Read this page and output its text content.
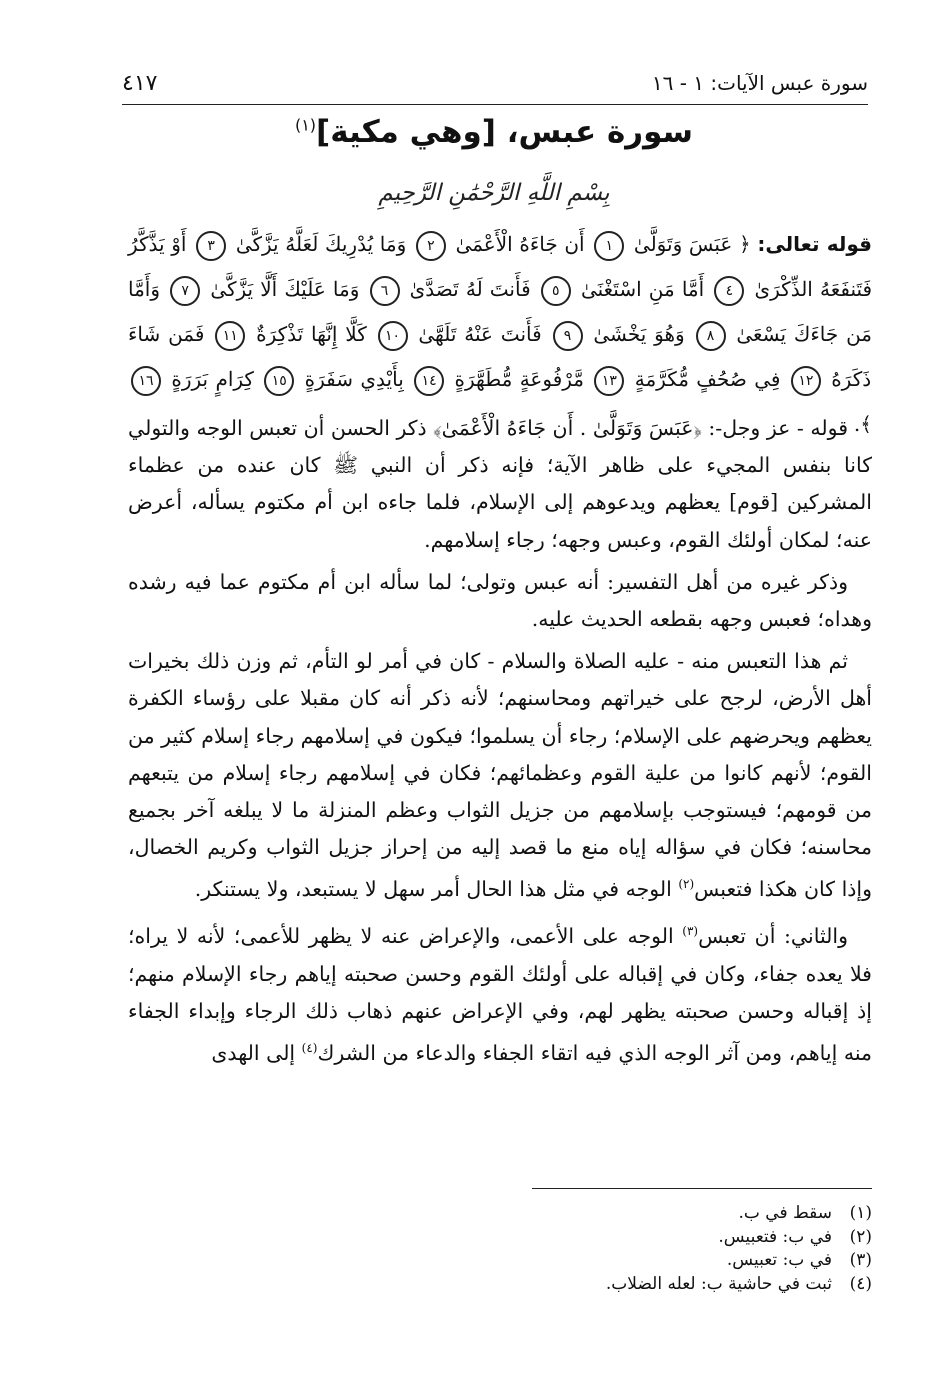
سورة عبس الآيات: ١ - ١٦
٤١٧
سورة عبس، [وهي مكية]$^{(١)}$
بِسْمِ اللَّهِ الرَّحْمَٰنِ الرَّحِيمِ
قوله تعالى: ﴿ عَبَسَ وَتَوَلَّىٰ ١ أَن جَاءَهُ الْأَعْمَىٰ ٢ وَمَا يُدْرِيكَ لَعَلَّهُ يَزَّكَّىٰ ٣ أَوْ يَذَّكَّرُ فَتَنفَعَهُ الذِّكْرَىٰ ٤ أَمَّا مَنِ اسْتَغْنَىٰ ٥ فَأَنتَ لَهُ تَصَدَّىٰ ٦ وَمَا عَلَيْكَ أَلَّا يَزَّكَّىٰ ٧ وَأَمَّا مَن جَاءَكَ يَسْعَىٰ ٨ وَهُوَ يَخْشَىٰ ٩ فَأَنتَ عَنْهُ تَلَهَّىٰ ١٠ كَلَّا إِنَّهَا تَذْكِرَةٌ ١١ فَمَن شَاءَ ذَكَرَهُ ١٢ فِي صُحُفٍ مُّكَرَّمَةٍ ١٣ مَّرْفُوعَةٍ مُّطَهَّرَةٍ ١٤ بِأَيْدِي سَفَرَةٍ ١٥ كِرَامٍ بَرَرَةٍ ١٦ ﴾.

قوله - عز وجل-: ﴿عَبَسَ وَتَوَلَّىٰ . أَن جَاءَهُ الْأَعْمَىٰ﴾ ذكر الحسن أن تعبس الوجه والتولي كانا بنفس المجيء على ظاهر الآية؛ فإنه ذكر أن النبي ﷺ كان عنده من عظماء المشركين [قوم] يعظهم ويدعوهم إلى الإسلام، فلما جاءه ابن أم مكتوم يسأله، أعرض عنه؛ لمكان أولئك القوم، وعبس وجهه؛ رجاء إسلامهم.

وذكر غيره من أهل التفسير: أنه عبس وتولى؛ لما سأله ابن أم مكتوم عما فيه رشده وهداه؛ فعبس وجهه بقطعه الحديث عليه.

ثم هذا التعبس منه - عليه الصلاة والسلام - كان في أمر لو التأم، ثم وزن ذلك بخيرات أهل الأرض، لرجح على خيراتهم ومحاسنهم؛ لأنه ذكر أنه كان مقبلا على رؤساء الكفرة يعظهم ويحرضهم على الإسلام؛ رجاء أن يسلموا؛ فيكون في إسلامهم رجاء إسلام كثير من القوم؛ لأنهم كانوا من علية القوم وعظمائهم؛ فكان في إسلامهم رجاء إسلام من يتبعهم من قومهم؛ فيستوجب بإسلامهم من جزيل الثواب وعظم المنزلة ما لا يبلغه آخر بجميع محاسنه؛ فكان في سؤاله إياه منع ما قصد إليه من إحراز جزيل الثواب وكريم الخصال، وإذا كان هكذا فتعبس$^{(٢)}$ الوجه في مثل هذا الحال أمر سهل لا يستبعد، ولا يستنكر.

والثاني: أن تعبس$^{(٣)}$ الوجه على الأعمى، والإعراض عنه لا يظهر للأعمى؛ لأنه لا يراه؛ فلا يعده جفاء، وكان في إقباله على أولئك القوم وحسن صحبته إياهم رجاء الإسلام منهم؛ إذ إقباله وحسن صحبته يظهر لهم، وفي الإعراض عنهم ذهاب ذلك الرجاء وإبداء الجفاء منه إياهم، ومن آثر الوجه الذي فيه اتقاء الجفاء والدعاء من الشرك$^{(٤)}$ إلى الهدى

(١)سقط في ب.
(٢)في ب: فتعبيس.
(٣)في ب: تعبيس.
(٤)ثبت في حاشية ب: لعله الضلاب.
